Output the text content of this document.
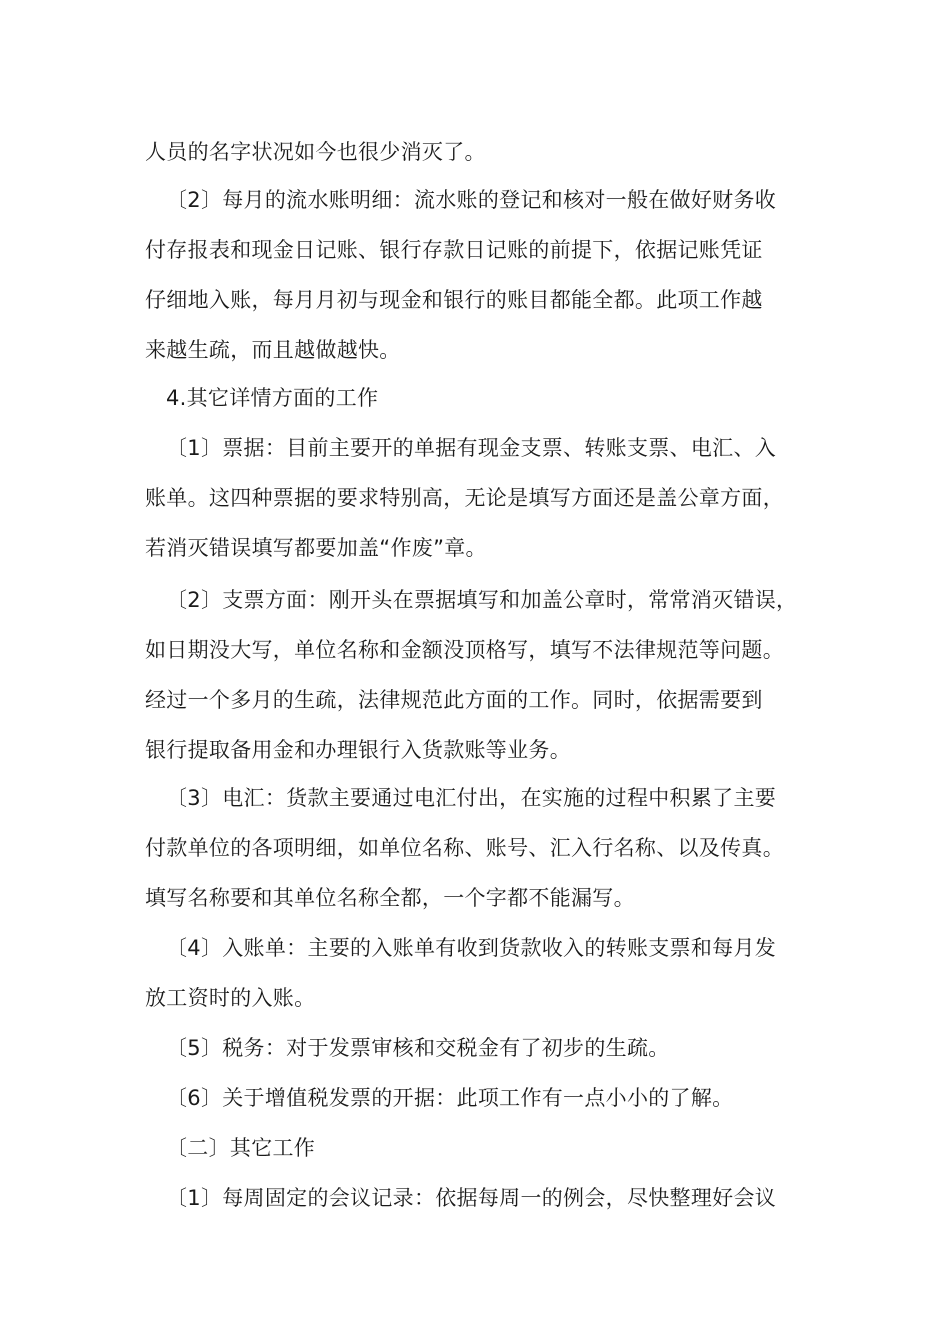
人员的名字状况如今也很少消灭了。
〔2〕每月的流水账明细：流水账的登记和核对一般在做好财务收
付存报表和现金日记账、银行存款日记账的前提下，依据记账凭证
仔细地入账，每月月初与现金和银行的账目都能全都。此项工作越
来越生疏，而且越做越快。
4.其它详情方面的工作
〔1〕票据：目前主要开的单据有现金支票、转账支票、电汇、入
账单。这四种票据的要求特别高，无论是填写方面还是盖公章方面，
若消灭错误填写都要加盖“作废”章。
〔2〕支票方面：刚开头在票据填写和加盖公章时，常常消灭错误，
如日期没大写，单位名称和金额没顶格写，填写不法律规范等问题。
经过一个多月的生疏，法律规范此方面的工作。同时，依据需要到
银行提取备用金和办理银行入货款账等业务。
〔3〕电汇：货款主要通过电汇付出，在实施的过程中积累了主要
付款单位的各项明细，如单位名称、账号、汇入行名称、以及传真。
填写名称要和其单位名称全都，一个字都不能漏写。
〔4〕入账单：主要的入账单有收到货款收入的转账支票和每月发
放工资时的入账。
〔5〕税务：对于发票审核和交税金有了初步的生疏。
〔6〕关于增值税发票的开据：此项工作有一点小小的了解。
〔二〕其它工作
〔1〕每周固定的会议记录：依据每周一的例会，尽快整理好会议
